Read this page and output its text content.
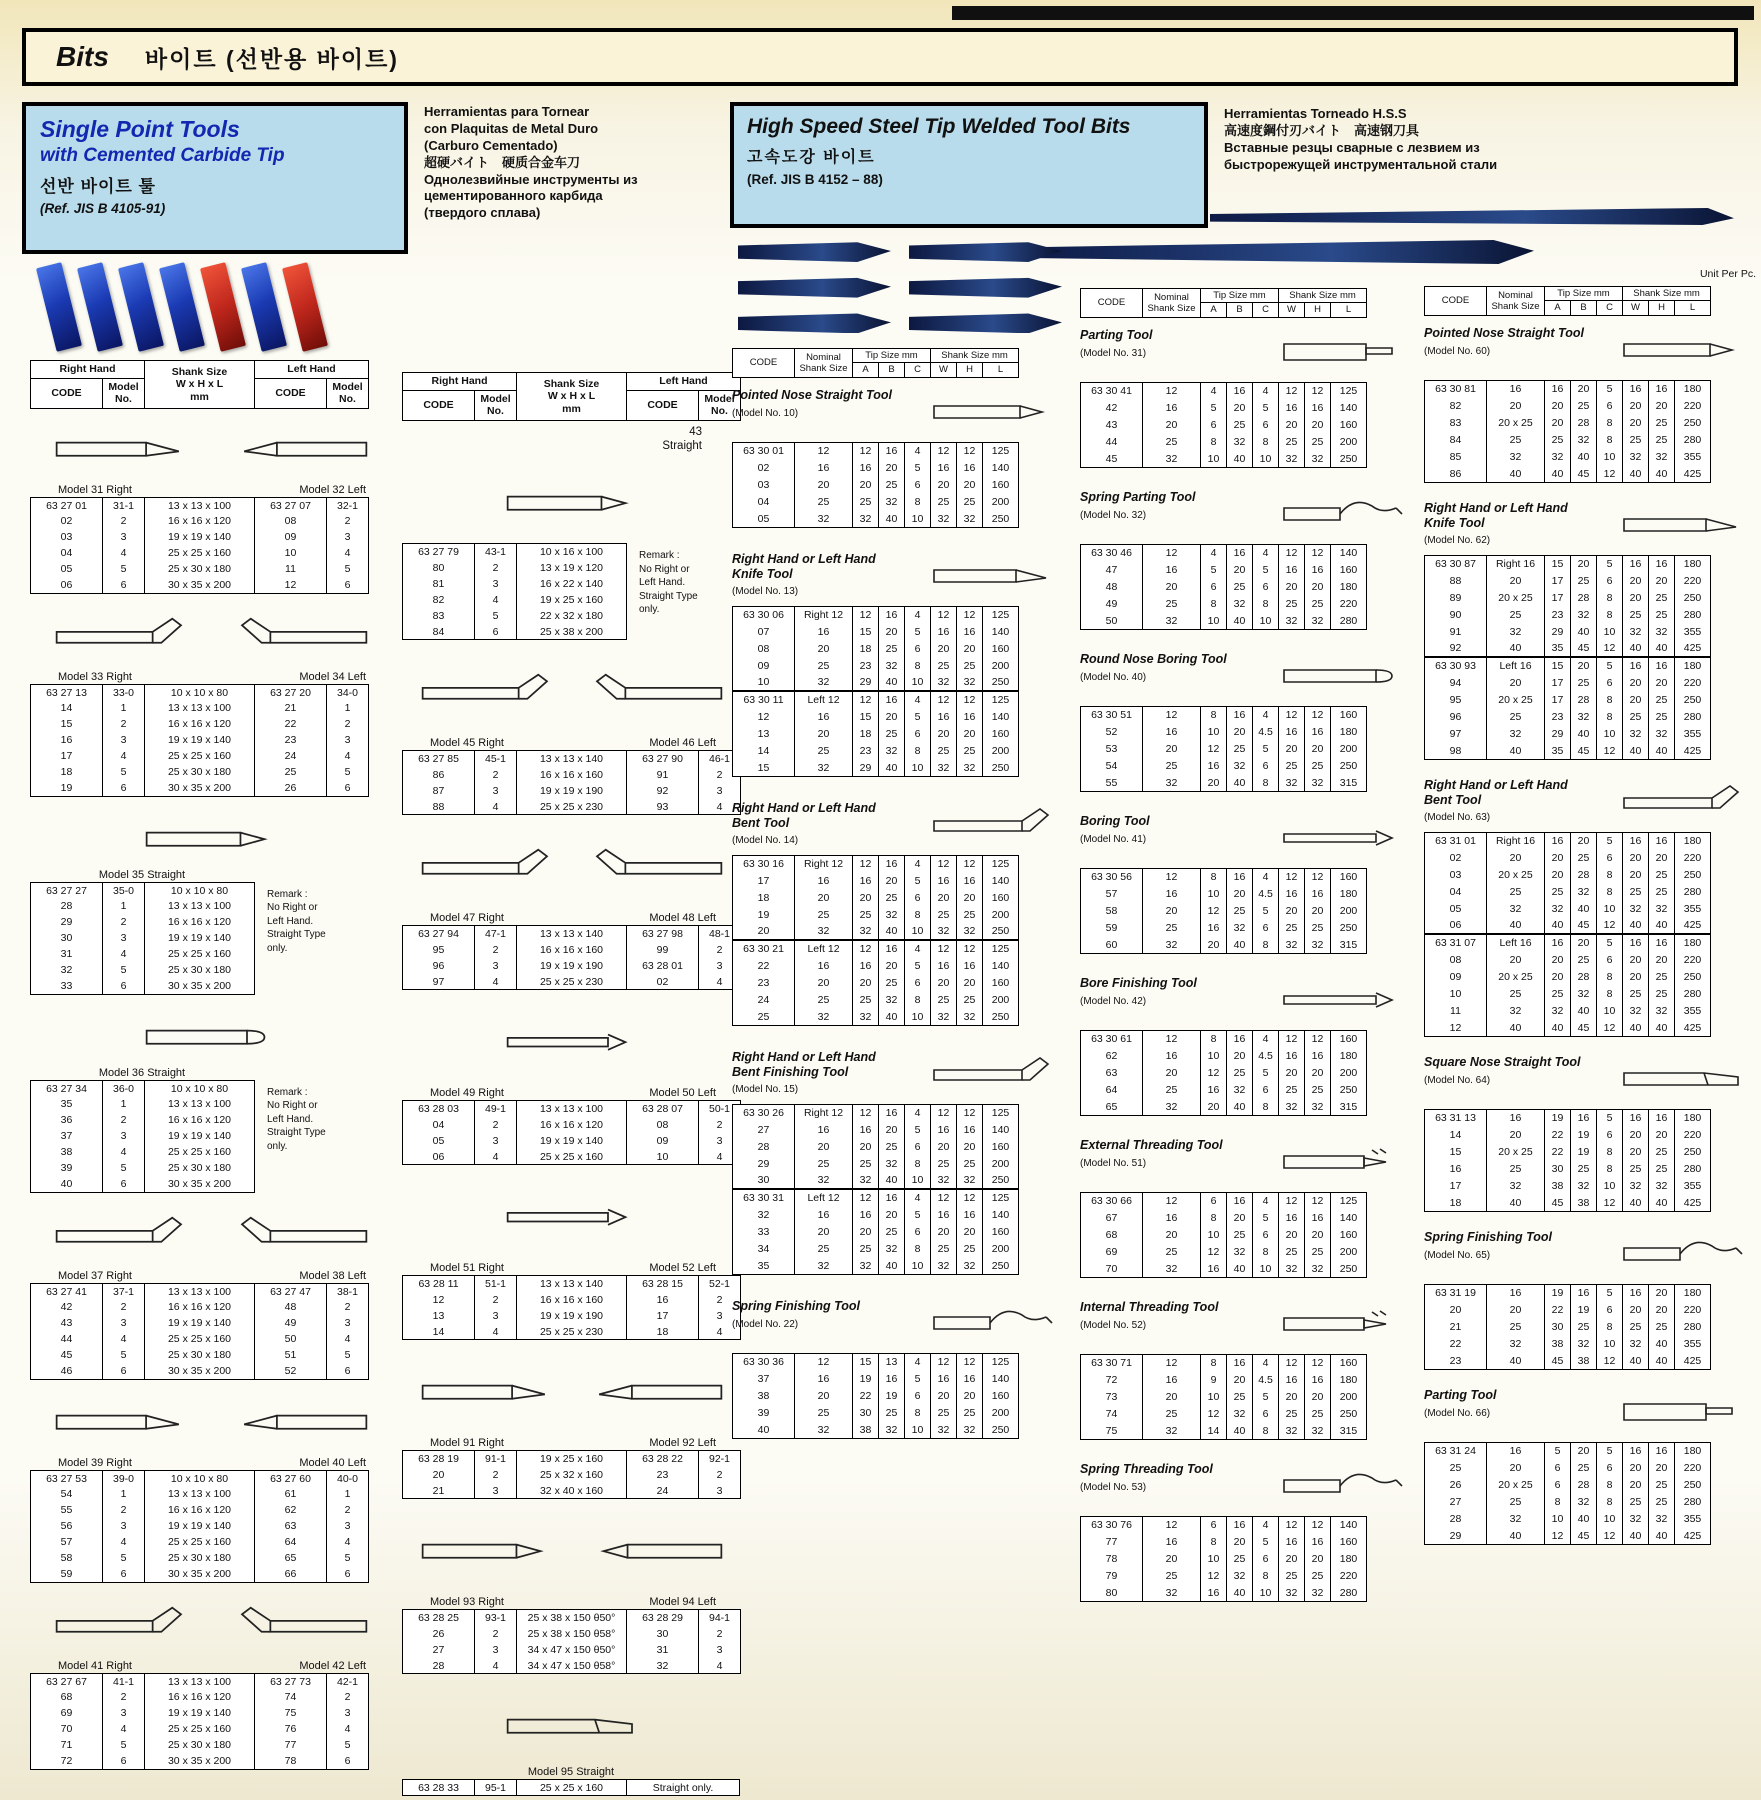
Bits 바이트 (선반용 바이트)
Single Point Tools
with Cemented Carbide Tip
선반 바이트 툴
(Ref. JIS B 4105-91)
Herramientas para Tornear
con Plaquitas de Metal Duro
(Carburo Cementado)
超硬バイト　硬质合金车刀
Однолезвийные инструменты из
цементированного карбида
(твердого сплава)
High Speed Steel Tip Welded Tool Bits
고속도강 바이트
(Ref. JIS B 4152 – 88)
Herramientas Torneado H.S.S
高速度鋼付刃バイト　高速钢刀具
Вставные резцы сварные с лезвием из
быстрорежущей инструментальной стали
Right Hand		Shank Size
W x H x L
mm	Left Hand	
CODE	Model
No.		CODE	Model
No.
Model 31 Right	Model 32 Left
63 27 01	31-1	13 x 13 x 100	63 27 07	32-1
02	2	16 x 16 x 120	08	2
03	3	19 x 19 x 140	09	3
04	4	25 x 25 x 160	10	4
05	5	25 x 30 x 180	11	5
06	6	30 x 35 x 200	12	6
Model 33 Right	Model 34 Left
63 27 13	33-0	10 x 10 x 80	63 27 20	34-0
14	1	13 x 13 x 100	21	1
15	2	16 x 16 x 120	22	2
16	3	19 x 19 x 140	23	3
17	4	25 x 25 x 160	24	4
18	5	25 x 30 x 180	25	5
19	6	30 x 35 x 200	26	6
Model 35 Straight
63 27 27	35-0	10 x 10 x 80
28	1	13 x 13 x 100
29	2	16 x 16 x 120
30	3	19 x 19 x 140
31	4	25 x 25 x 160
32	5	25 x 30 x 180
33	6	30 x 35 x 200
Remark :
No Right or
Left Hand.
Straight Type
only.
Model 36 Straight
63 27 34	36-0	10 x 10 x 80
35	1	13 x 13 x 100
36	2	16 x 16 x 120
37	3	19 x 19 x 140
38	4	25 x 25 x 160
39	5	25 x 30 x 180
40	6	30 x 35 x 200
Remark :
No Right or
Left Hand.
Straight Type
only.
Model 37 Right	Model 38 Left
63 27 41	37-1	13 x 13 x 100	63 27 47	38-1
42	2	16 x 16 x 120	48	2
43	3	19 x 19 x 140	49	3
44	4	25 x 25 x 160	50	4
45	5	25 x 30 x 180	51	5
46	6	30 x 35 x 200	52	6
Model 39 Right	Model 40 Left
63 27 53	39-0	10 x 10 x 80	63 27 60	40-0
54	1	13 x 13 x 100	61	1
55	2	16 x 16 x 120	62	2
56	3	19 x 19 x 140	63	3
57	4	25 x 25 x 160	64	4
58	5	25 x 30 x 180	65	5
59	6	30 x 35 x 200	66	6
Model 41 Right	Model 42 Left
63 27 67	41-1	13 x 13 x 100	63 27 73	42-1
68	2	16 x 16 x 120	74	2
69	3	19 x 19 x 140	75	3
70	4	25 x 25 x 160	76	4
71	5	25 x 30 x 180	77	5
72	6	30 x 35 x 200	78	6
Right Hand		Shank Size
W x H x L
mm	Left Hand	
CODE	Model
No.		CODE	Model
No.
43
Straight
63 27 79	43-1	10 x 16 x 100
80	2	13 x 19 x 120
81	3	16 x 22 x 140
82	4	19 x 25 x 160
83	5	22 x 32 x 180
84	6	25 x 38 x 200
Remark :
No Right or
Left Hand.
Straight Type
only.
Model 45 Right	Model 46 Left
63 27 85	45-1	13 x 13 x 140	63 27 90	46-1
86	2	16 x 16 x 160	91	2
87	3	19 x 19 x 190	92	3
88	4	25 x 25 x 230	93	4
Model 47 Right	Model 48 Left
63 27 94	47-1	13 x 13 x 140	63 27 98	48-1
95	2	16 x 16 x 160	99	2
96	3	19 x 19 x 190	63 28 01	3
97	4	25 x 25 x 230	02	4
Model 49 Right	Model 50 Left
63 28 03	49-1	13 x 13 x 100	63 28 07	50-1
04	2	16 x 16 x 120	08	2
05	3	19 x 19 x 140	09	3
06	4	25 x 25 x 160	10	4
Model 51 Right	Model 52 Left
63 28 11	51-1	13 x 13 x 140	63 28 15	52-1
12	2	16 x 16 x 160	16	2
13	3	19 x 19 x 190	17	3
14	4	25 x 25 x 230	18	4
Model 91 Right	Model 92 Left
63 28 19	91-1	19 x 25 x 160	63 28 22	92-1
20	2	25 x 32 x 160	23	2
21	3	32 x 40 x 160	24	3
Model 93 Right	Model 94 Left
63 28 25	93-1	25 x 38 x 150 θ50°	63 28 29	94-1
26	2	25 x 38 x 150 θ58°	30	2
27	3	34 x 47 x 150 θ50°	31	3
28	4	34 x 47 x 150 θ58°	32	4
Model 95 Straight
63 28 33	95-1	25 x 25 x 160	Straight only.
CODE	Nominal
Shank Size	Tip Size mm			Shank Size mm		
		A	B	C	W	H	L
Pointed Nose Straight Tool
(Model No. 10)
63 30 01	12	12	16	4	12	12	125
02	16	16	20	5	16	16	140
03	20	20	25	6	20	20	160
04	25	25	32	8	25	25	200
05	32	32	40	10	32	32	250
Right Hand or Left Hand Knife Tool
(Model No. 13)
63 30 06	Right 12	12	16	4	12	12	125
07	16	15	20	5	16	16	140
08	20	18	25	6	20	20	160
09	25	23	32	8	25	25	200
10	32	29	40	10	32	32	250
63 30 11	Left 12	12	16	4	12	12	125
12	16	15	20	5	16	16	140
13	20	18	25	6	20	20	160
14	25	23	32	8	25	25	200
15	32	29	40	10	32	32	250
Right Hand or Left Hand Bent Tool
(Model No. 14)
63 30 16	Right 12	12	16	4	12	12	125
17	16	16	20	5	16	16	140
18	20	20	25	6	20	20	160
19	25	25	32	8	25	25	200
20	32	32	40	10	32	32	250
63 30 21	Left 12	12	16	4	12	12	125
22	16	16	20	5	16	16	140
23	20	20	25	6	20	20	160
24	25	25	32	8	25	25	200
25	32	32	40	10	32	32	250
Right Hand or Left Hand Bent Finishing Tool
(Model No. 15)
63 30 26	Right 12	12	16	4	12	12	125
27	16	16	20	5	16	16	140
28	20	20	25	6	20	20	160
29	25	25	32	8	25	25	200
30	32	32	40	10	32	32	250
63 30 31	Left 12	12	16	4	12	12	125
32	16	16	20	5	16	16	140
33	20	20	25	6	20	20	160
34	25	25	32	8	25	25	200
35	32	32	40	10	32	32	250
Spring Finishing Tool
(Model No. 22)
63 30 36	12	15	13	4	12	12	125
37	16	19	16	5	16	16	140
38	20	22	19	6	20	20	160
39	25	30	25	8	25	25	200
40	32	38	32	10	32	32	250
CODE	Nominal
Shank Size	Tip Size mm			Shank Size mm		
		A	B	C	W	H	L
Parting Tool
(Model No. 31)
63 30 41	12	4	16	4	12	12	125
42	16	5	20	5	16	16	140
43	20	6	25	6	20	20	160
44	25	8	32	8	25	25	200
45	32	10	40	10	32	32	250
Spring Parting Tool
(Model No. 32)
63 30 46	12	4	16	4	12	12	140
47	16	5	20	5	16	16	160
48	20	6	25	6	20	20	180
49	25	8	32	8	25	25	220
50	32	10	40	10	32	32	280
Round Nose Boring Tool
(Model No. 40)
63 30 51	12	8	16	4	12	12	160
52	16	10	20	4.5	16	16	180
53	20	12	25	5	20	20	200
54	25	16	32	6	25	25	250
55	32	20	40	8	32	32	315
Boring Tool
(Model No. 41)
63 30 56	12	8	16	4	12	12	160
57	16	10	20	4.5	16	16	180
58	20	12	25	5	20	20	200
59	25	16	32	6	25	25	250
60	32	20	40	8	32	32	315
Bore Finishing Tool
(Model No. 42)
63 30 61	12	8	16	4	12	12	160
62	16	10	20	4.5	16	16	180
63	20	12	25	5	20	20	200
64	25	16	32	6	25	25	250
65	32	20	40	8	32	32	315
External Threading Tool
(Model No. 51)
63 30 66	12	6	16	4	12	12	125
67	16	8	20	5	16	16	140
68	20	10	25	6	20	20	160
69	25	12	32	8	25	25	200
70	32	16	40	10	32	32	250
Internal Threading Tool
(Model No. 52)
63 30 71	12	8	16	4	12	12	160
72	16	9	20	4.5	16	16	180
73	20	10	25	5	20	20	200
74	25	12	32	6	25	25	250
75	32	14	40	8	32	32	315
Spring Threading Tool
(Model No. 53)
63 30 76	12	6	16	4	12	12	140
77	16	8	20	5	16	16	160
78	20	10	25	6	20	20	180
79	25	12	32	8	25	25	220
80	32	16	40	10	32	32	280
Unit Per Pc.
CODE	Nominal
Shank Size	Tip Size mm			Shank Size mm		
		A	B	C	W	H	L
Pointed Nose Straight Tool
(Model No. 60)
63 30 81	16	16	20	5	16	16	180
82	20	20	25	6	20	20	220
83	20 x 25	20	28	8	20	25	250
84	25	25	32	8	25	25	280
85	32	32	40	10	32	32	355
86	40	40	45	12	40	40	425
Right Hand or Left Hand Knife Tool
(Model No. 62)
63 30 87	Right 16	15	20	5	16	16	180
88	20	17	25	6	20	20	220
89	20 x 25	17	28	8	20	25	250
90	25	23	32	8	25	25	280
91	32	29	40	10	32	32	355
92	40	35	45	12	40	40	425
63 30 93	Left 16	15	20	5	16	16	180
94	20	17	25	6	20	20	220
95	20 x 25	17	28	8	20	25	250
96	25	23	32	8	25	25	280
97	32	29	40	10	32	32	355
98	40	35	45	12	40	40	425
Right Hand or Left Hand Bent Tool
(Model No. 63)
63 31 01	Right 16	16	20	5	16	16	180
02	20	20	25	6	20	20	220
03	20 x 25	20	28	8	20	25	250
04	25	25	32	8	25	25	280
05	32	32	40	10	32	32	355
06	40	40	45	12	40	40	425
63 31 07	Left 16	16	20	5	16	16	180
08	20	20	25	6	20	20	220
09	20 x 25	20	28	8	20	25	250
10	25	25	32	8	25	25	280
11	32	32	40	10	32	32	355
12	40	40	45	12	40	40	425
Square Nose Straight Tool
(Model No. 64)
63 31 13	16	19	16	5	16	16	180
14	20	22	19	6	20	20	220
15	20 x 25	22	19	8	20	25	250
16	25	30	25	8	25	25	280
17	32	38	32	10	32	32	355
18	40	45	38	12	40	40	425
Spring Finishing Tool
(Model No. 65)
63 31 19	16	19	16	5	16	20	180
20	20	22	19	6	20	20	220
21	25	30	25	8	25	25	280
22	32	38	32	10	32	40	355
23	40	45	38	12	40	40	425
Parting Tool
(Model No. 66)
63 31 24	16	5	20	5	16	16	180
25	20	6	25	6	20	20	220
26	20 x 25	6	28	8	20	25	250
27	25	8	32	8	25	25	280
28	32	10	40	10	32	32	355
29	40	12	45	12	40	40	425
